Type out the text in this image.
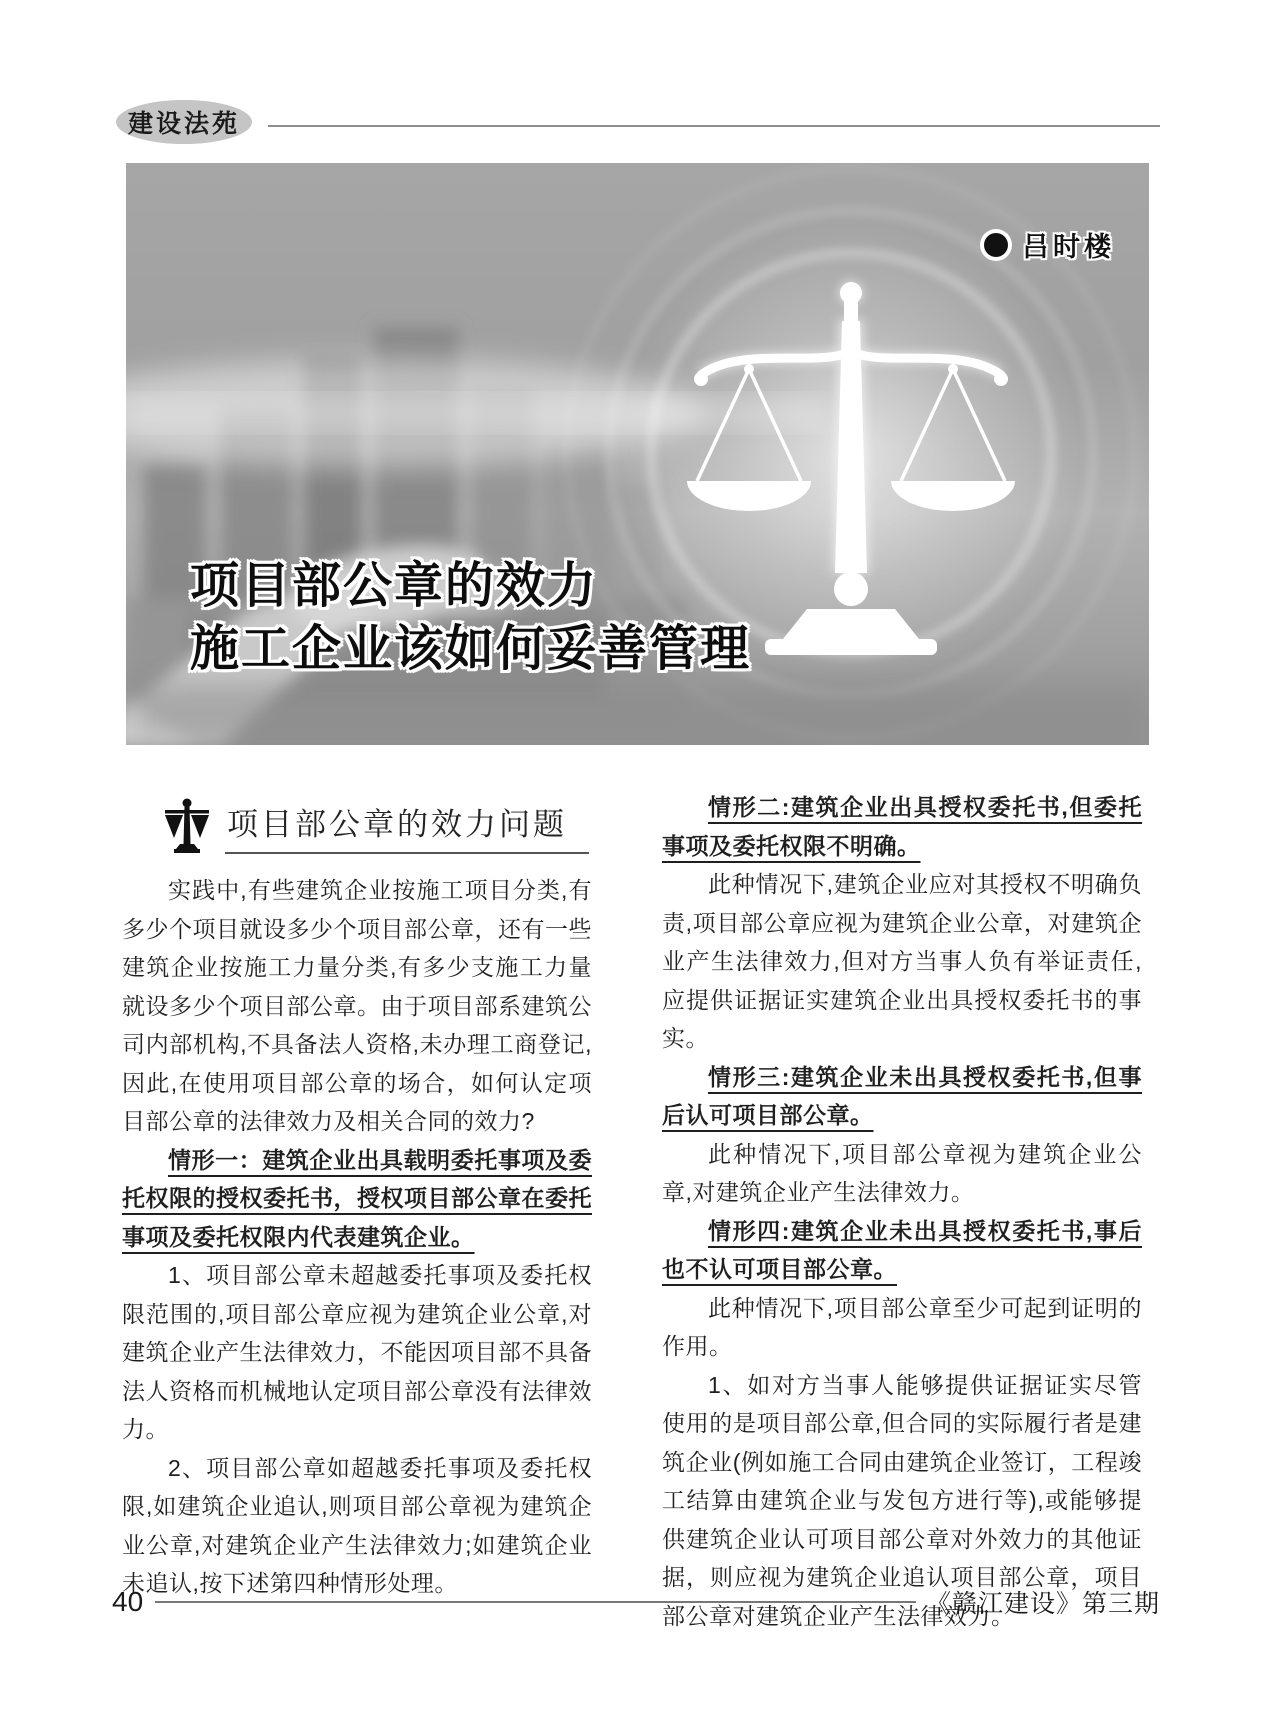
建设法苑
吕时楼
项目部公章的效力
施工企业该如何妥善管理
项目部公章的效力问题

实践中,有些建筑企业按施工项目分类,有多少个项目就设多少个项目部公章，还有一些建筑企业按施工力量分类,有多少支施工力量就设多少个项目部公章。由于项目部系建筑公司内部机构,不具备法人资格,未办理工商登记,因此,在使用项目部公章的场合，如何认定项目部公章的法律效力及相关合同的效力?

情形一：建筑企业出具载明委托事项及委托权限的授权委托书，授权项目部公章在委托事项及委托权限内代表建筑企业。

1、项目部公章未超越委托事项及委托权限范围的,项目部公章应视为建筑企业公章,对建筑企业产生法律效力，不能因项目部不具备法人资格而机械地认定项目部公章没有法律效力。

2、项目部公章如超越委托事项及委托权限,如建筑企业追认,则项目部公章视为建筑企业公章,对建筑企业产生法律效力;如建筑企业未追认,按下述第四种情形处理。

情形二:建筑企业出具授权委托书,但委托事项及委托权限不明确。

此种情况下,建筑企业应对其授权不明确负责,项目部公章应视为建筑企业公章，对建筑企业产生法律效力,但对方当事人负有举证责任,应提供证据证实建筑企业出具授权委托书的事实。

情形三:建筑企业未出具授权委托书,但事后认可项目部公章。

此种情况下,项目部公章视为建筑企业公章,对建筑企业产生法律效力。

情形四:建筑企业未出具授权委托书,事后也不认可项目部公章。

此种情况下,项目部公章至少可起到证明的作用。

1、如对方当事人能够提供证据证实尽管使用的是项目部公章,但合同的实际履行者是建筑企业(例如施工合同由建筑企业签订，工程竣工结算由建筑企业与发包方进行等),或能够提供建筑企业认可项目部公章对外效力的其他证据，则应视为建筑企业追认项目部公章，项目部公章对建筑企业产生法律效力。

40	《赣江建设》第三期
